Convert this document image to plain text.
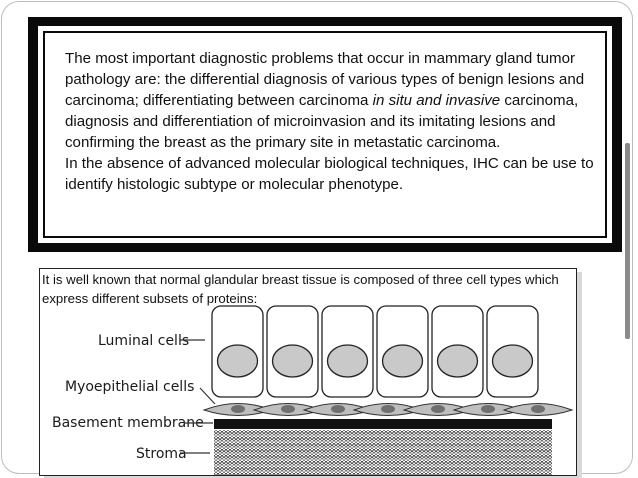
The most important diagnostic problems that occur in mammary gland tumor pathology are: the differential diagnosis of various types of benign lesions and carcinoma; differentiating between carcinoma in situ and invasive carcinoma, diagnosis and differentiation of microinvasion and its imitating lesions and confirming the breast as the primary site in metastatic carcinoma.

In the absence of advanced molecular biological techniques, IHC can be use to identify histologic subtype or molecular phenotype.

It is well known that normal glandular breast tissue is composed of three cell types which express different subsets of proteins:
Luminal cells
Myoepithelial cells
Basement membrane
Stroma
